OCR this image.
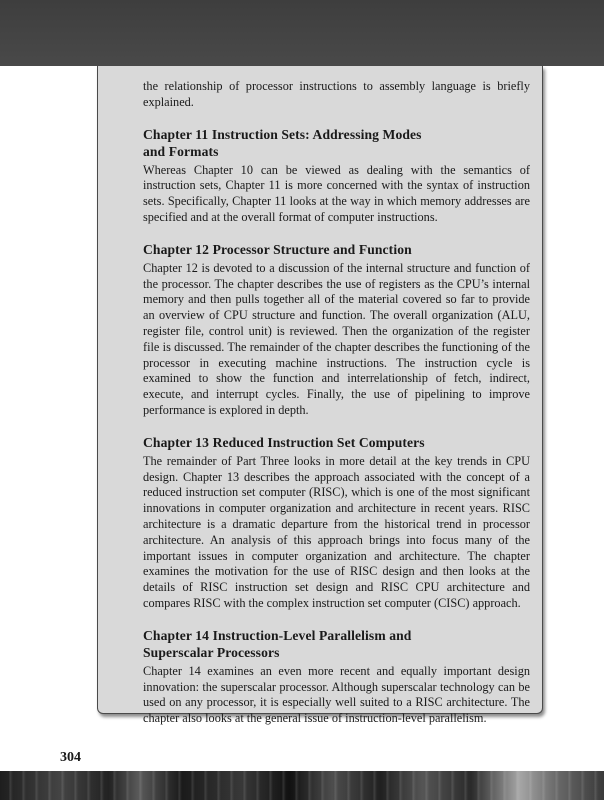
the relationship of processor instructions to assembly language is briefly explained.

Chapter 11 Instruction Sets: Addressing Modes
and Formats

Whereas Chapter 10 can be viewed as dealing with the semantics of instruction sets, Chapter 11 is more concerned with the syntax of instruction sets. Specifically, Chapter 11 looks at the way in which memory addresses are specified and at the overall format of computer instructions.

Chapter 12 Processor Structure and Function

Chapter 12 is devoted to a discussion of the internal structure and function of the processor. The chapter describes the use of registers as the CPU’s internal memory and then pulls together all of the material covered so far to provide an overview of CPU structure and function. The overall organization (ALU, register file, control unit) is reviewed. Then the organization of the register file is discussed. The remainder of the chapter describes the functioning of the processor in executing machine instructions. The instruction cycle is examined to show the function and interrelationship of fetch, indirect, execute, and interrupt cycles. Finally, the use of pipelining to improve performance is explored in depth.

Chapter 13 Reduced Instruction Set Computers

The remainder of Part Three looks in more detail at the key trends in CPU design. Chapter 13 describes the approach associated with the concept of a reduced instruction set computer (RISC), which is one of the most significant innovations in computer organization and architecture in recent years. RISC architecture is a dramatic departure from the historical trend in processor architecture. An analysis of this approach brings into focus many of the important issues in computer organization and architecture. The chapter examines the motivation for the use of RISC design and then looks at the details of RISC instruction set design and RISC CPU architecture and compares RISC with the complex instruction set computer (CISC) approach.

Chapter 14 Instruction-Level Parallelism and
Superscalar Processors

Chapter 14 examines an even more recent and equally important design innovation: the superscalar processor. Although superscalar technology can be used on any processor, it is especially well suited to a RISC architecture. The chapter also looks at the general issue of instruction-level parallelism.

304
